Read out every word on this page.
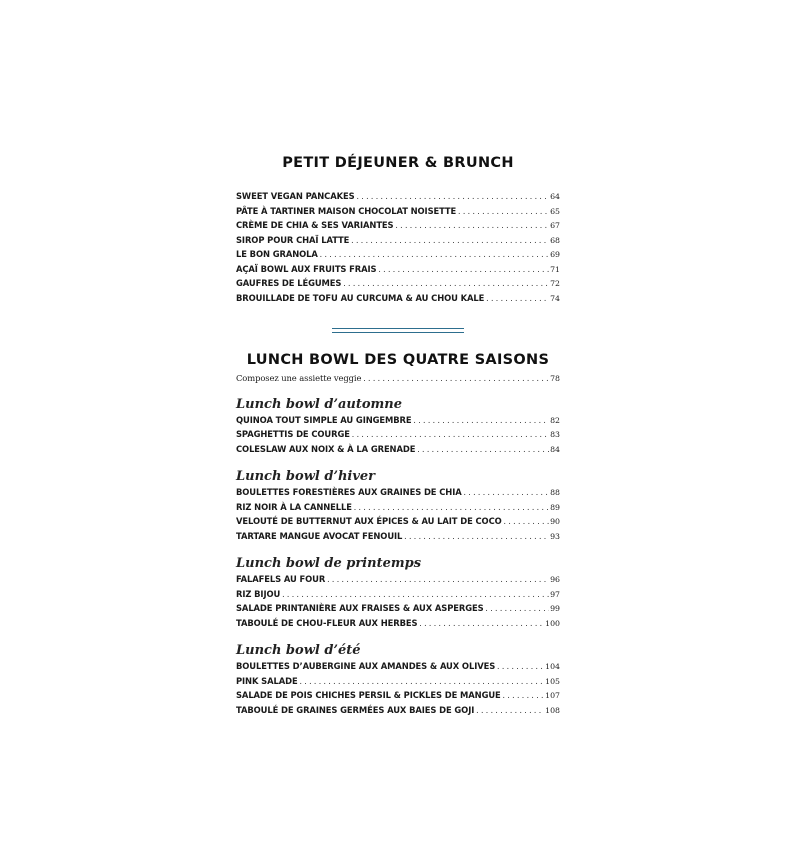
PETIT DÉJEUNER & BRUNCH
SWEET VEGAN PANCAKES .....	64
PÂTE À TARTINER MAISON CHOCOLAT NOISETTE .....	65
CRÈME DE CHIA & SES VARIANTES .....	67
SIROP POUR CHAÏ LATTE .....	68
LE BON GRANOLA .....	69
AÇAÏ BOWL AUX FRUITS FRAIS .....	71
GAUFRES DE LÉGUMES .....	72
BROUILLADE DE TOFU AU CURCUMA & AU CHOU KALE .....	74
LUNCH BOWL DES QUATRE SAISONS
Composez une assiette veggie .....	78
Lunch bowl d’automne
QUINOA TOUT SIMPLE AU GINGEMBRE .....	82
SPAGHETTIS DE COURGE .....	83
COLESLAW AUX NOIX & À LA GRENADE .....	84
Lunch bowl d’hiver
BOULETTES FORESTIÈRES AUX GRAINES DE CHIA .....	88
RIZ NOIR À LA CANNELLE .....	89
VELOUTÉ DE BUTTERNUT AUX ÉPICES & AU LAIT DE COCO .....	90
TARTARE MANGUE AVOCAT FENOUIL .....	93
Lunch bowl de printemps
FALAFELS AU FOUR .....	96
RIZ BIJOU .....	97
SALADE PRINTANIÈRE AUX FRAISES & AUX ASPERGES .....	99
TABOULÉ DE CHOU-FLEUR AUX HERBES .....	100
Lunch bowl d’été
BOULETTES D’AUBERGINE AUX AMANDES & AUX OLIVES .....	104
PINK SALADE .....	105
SALADE DE POIS CHICHES PERSIL & PICKLES DE MANGUE .....	107
TABOULÉ DE GRAINES GERMÉES AUX BAIES DE GOJI .....	108
